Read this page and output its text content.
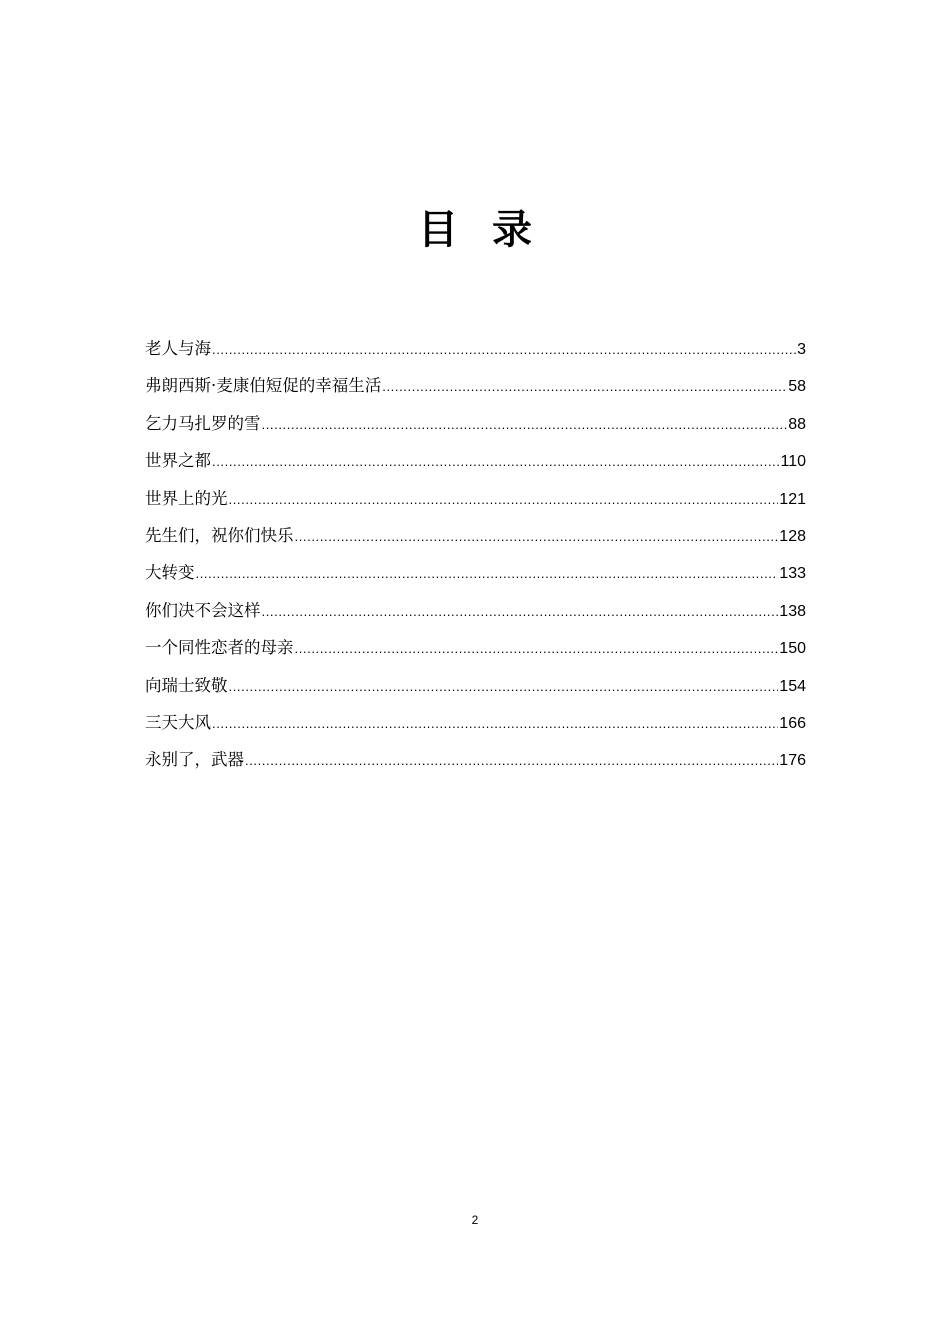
目录
老人与海 .....	3
弗朗西斯·麦康伯短促的幸福生活 .....	58
乞力马扎罗的雪 .....	88
世界之都 .....	110
世界上的光 .....	121
先生们，祝你们快乐 .....	128
大转变 .....	133
你们决不会这样 .....	138
一个同性恋者的母亲 .....	150
向瑞士致敬 .....	154
三天大风 .....	166
永别了，武器 .....	176
2
